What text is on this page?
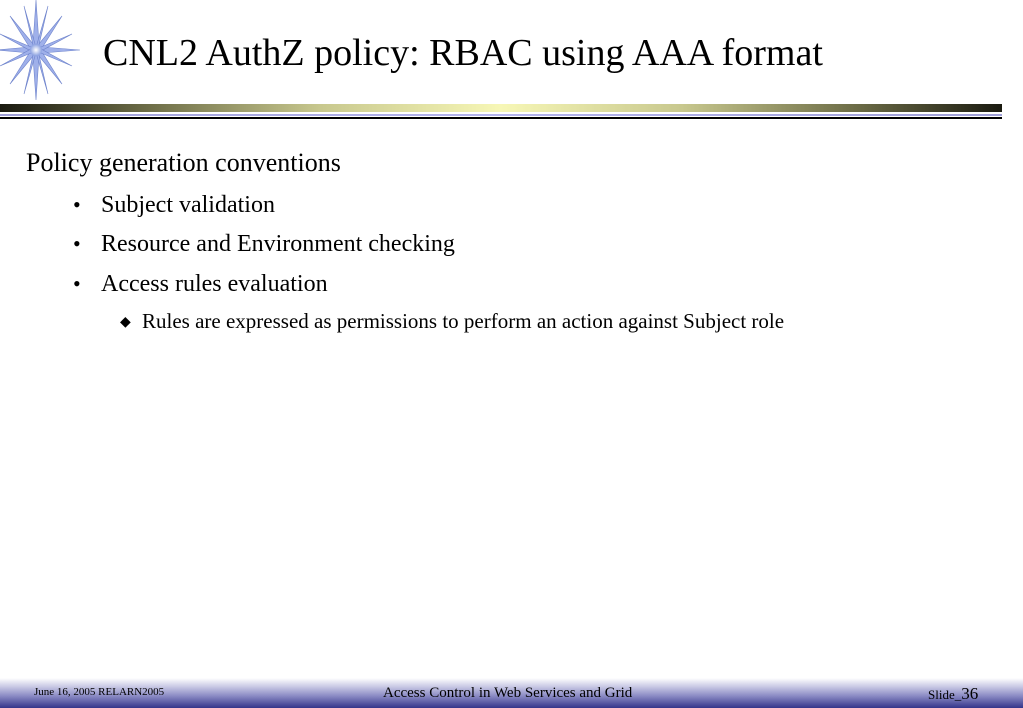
CNL2 AuthZ policy: RBAC using AAA format
Policy generation conventions
• Subject validation
• Resource and Environment checking
• Access rules evaluation
◆ Rules are expressed as permissions to perform an action against Subject role
June 16, 2005 RELARN2005	Access Control in Web Services and Grid	Slide_36
